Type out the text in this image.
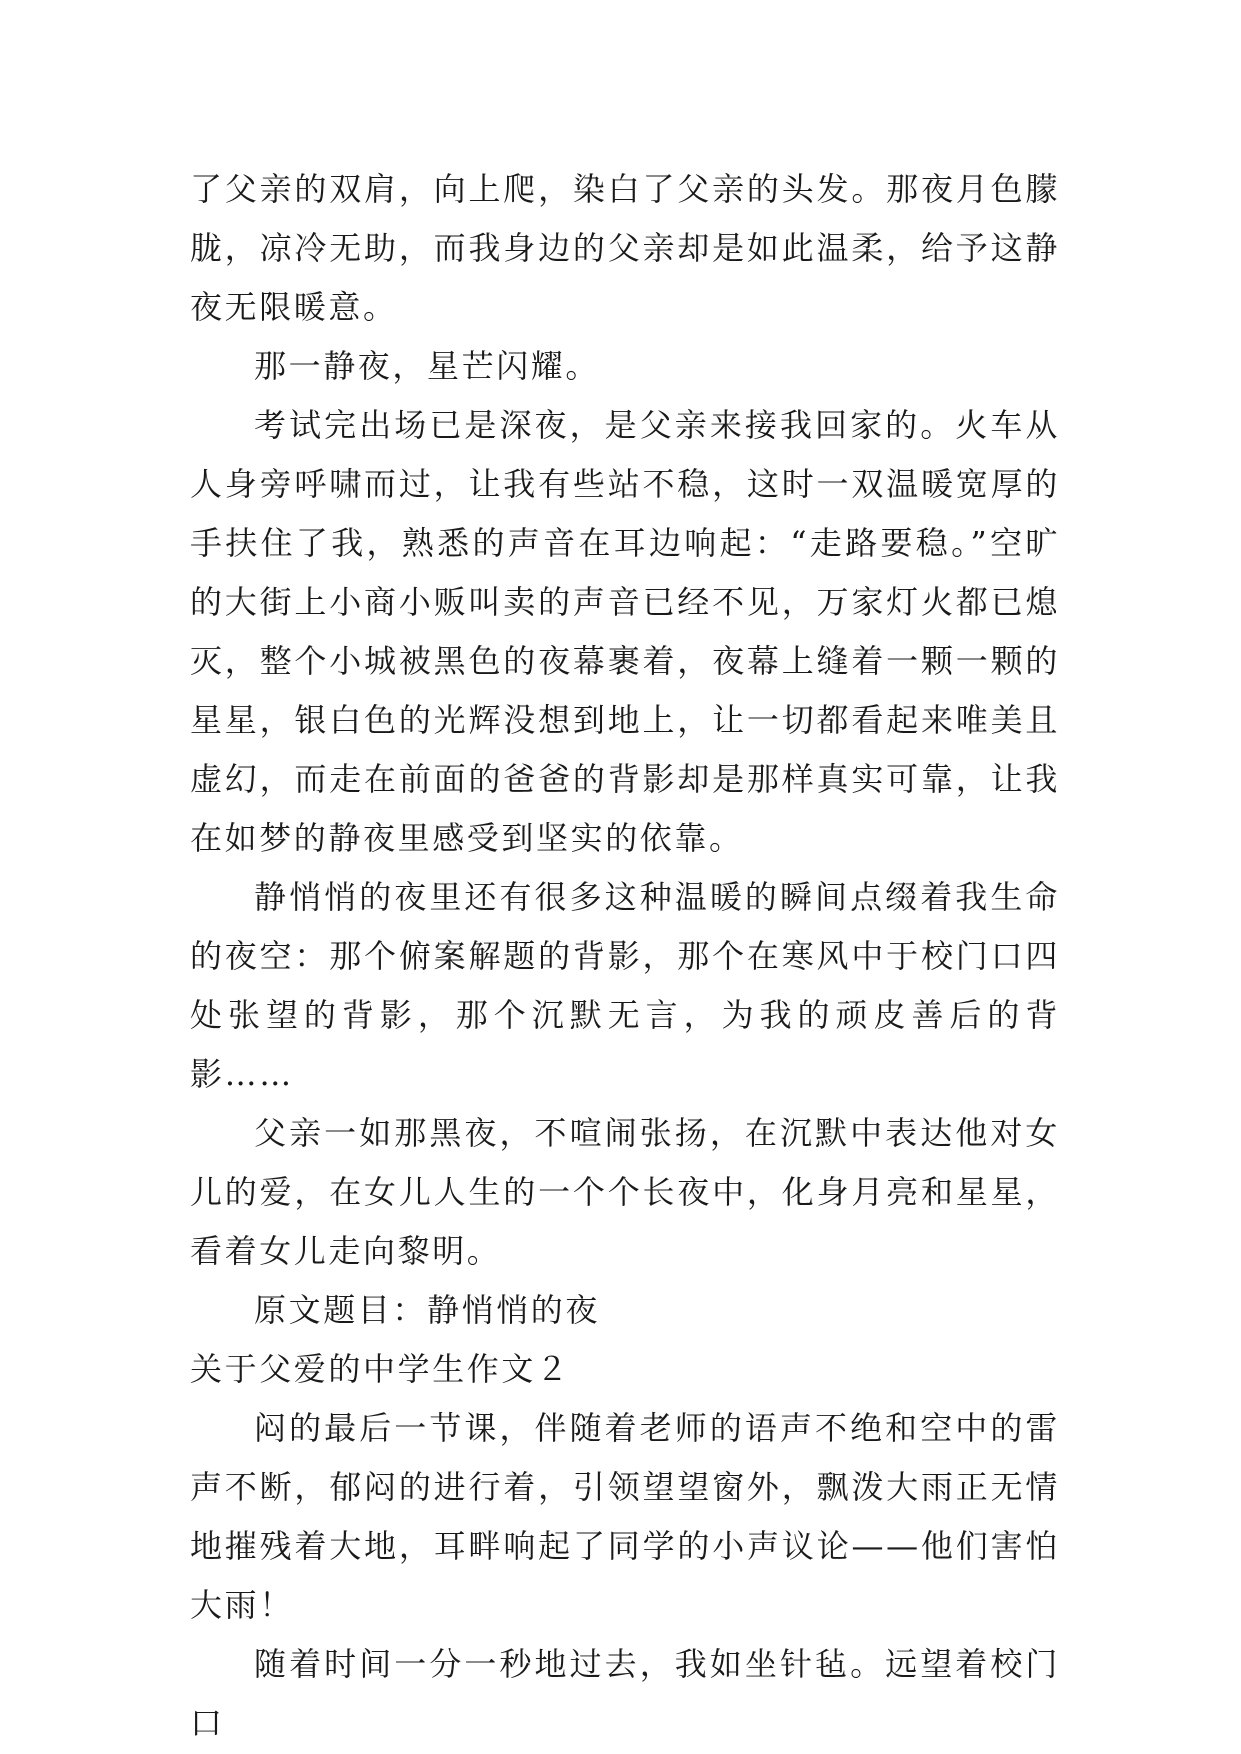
了父亲的双肩，向上爬，染白了父亲的头发。那夜月色朦胧，凉冷无助，而我身边的父亲却是如此温柔，给予这静夜无限暖意。

那一静夜，星芒闪耀。

考试完出场已是深夜，是父亲来接我回家的。火车从人身旁呼啸而过，让我有些站不稳，这时一双温暖宽厚的手扶住了我，熟悉的声音在耳边响起：“走路要稳。”空旷的大街上小商小贩叫卖的声音已经不见，万家灯火都已熄灭，整个小城被黑色的夜幕裹着，夜幕上缝着一颗一颗的星星，银白色的光辉没想到地上，让一切都看起来唯美且虚幻，而走在前面的爸爸的背影却是那样真实可靠，让我在如梦的静夜里感受到坚实的依靠。

静悄悄的夜里还有很多这种温暖的瞬间点缀着我生命的夜空：那个俯案解题的背影，那个在寒风中于校门口四处张望的背影，那个沉默无言，为我的顽皮善后的背影……

父亲一如那黑夜，不喧闹张扬，在沉默中表达他对女儿的爱，在女儿人生的一个个长夜中，化身月亮和星星，看着女儿走向黎明。

原文题目：静悄悄的夜

关于父爱的中学生作文２

闷的最后一节课，伴随着老师的语声不绝和空中的雷声不断，郁闷的进行着，引领望望窗外，飘泼大雨正无情地摧残着大地，耳畔响起了同学的小声议论——他们害怕大雨！

随着时间一分一秒地过去，我如坐针毡。远望着校门口
